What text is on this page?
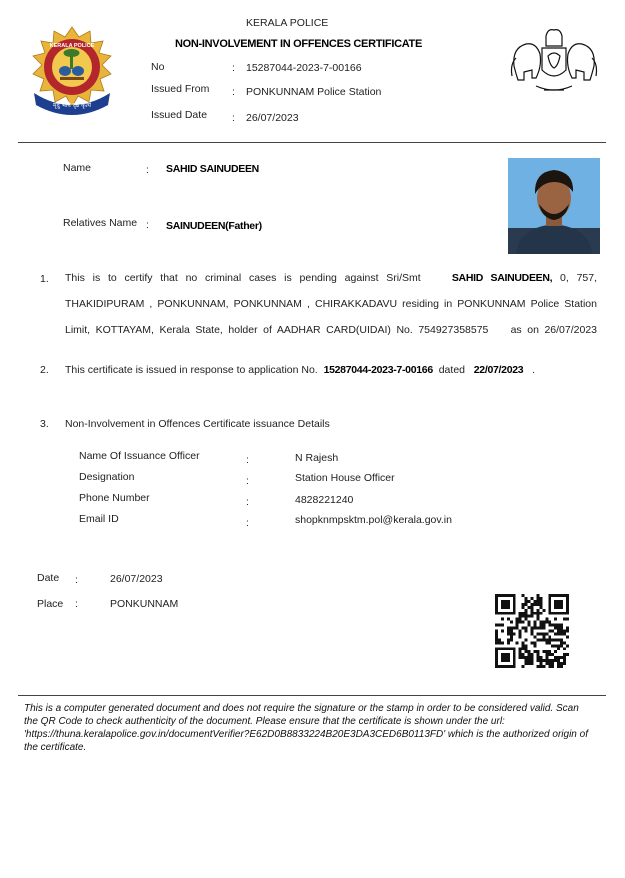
KERALA POLICE
मृदु भावे दृढ कृत्ये
KERALA POLICE
NON-INVOLVEMENT IN OFFENCES CERTIFICATE
No	: 15287044-2023-7-00166
Issued From : PONKUNNAM Police Station
Issued Date : 26/07/2023
Name	: SAHID SAINUDEEN
Relatives Name : SAINUDEEN(Father)
1. This is to certify that no criminal cases is pending against Sri/Smt	SAHID SAINUDEEN, 0, 757,
THAKIDIPURAM , PONKUNNAM, PONKUNNAM , CHIRAKKADAVU residing in PONKUNNAM Police Station
Limit, KOTTAYAM, Kerala State, holder of AADHAR CARD(UIDAI) No. 754927358575 as on 26/07/2023
2. This certificate is issued in response to application No. 15287044-2023-7-00166 dated 22/07/2023 .
3. Non-Involvement in Offences Certificate issuance Details
Name Of Issuance Officer	:	N Rajesh
Designation	:	Station House Officer
Phone Number	:	4828221240
Email ID	:	shopknmpsktm.pol@kerala.gov.in
Date :	26/07/2023
Place :	PONKUNNAM
This is a computer generated document and does not require the signature or the stamp in order to be considered valid. Scan the QR Code to check authenticity of the document. Please ensure that the certificate is shown under the url: 'https://thuna.keralapolice.gov.in/documentVerifier?E62D0B8833224B20E3DA3CED6B0113FD' which is the authorized origin of the certificate.
